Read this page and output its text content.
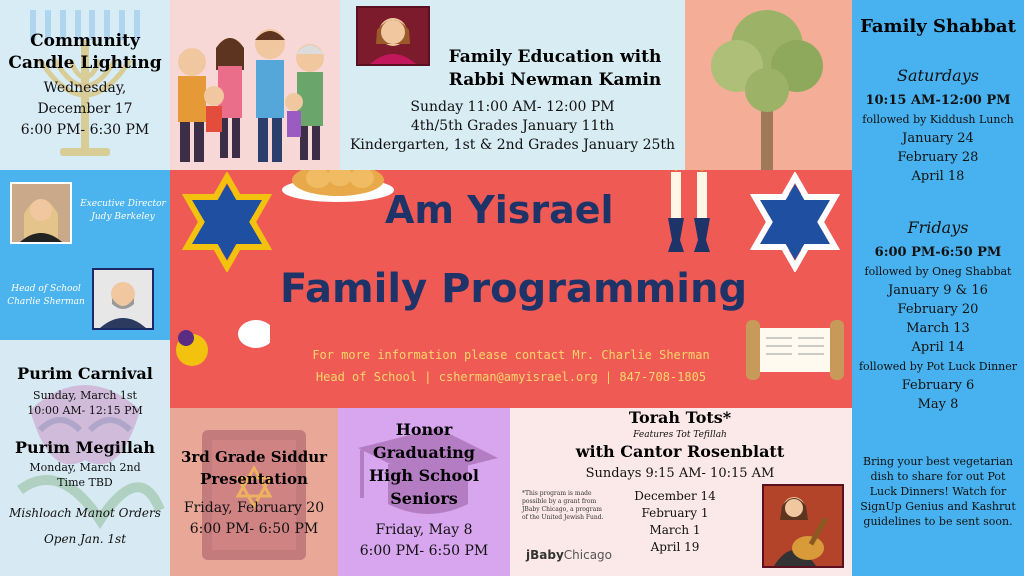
Community
Candle Lighting
Wednesday,
December 17
6:00 PM- 6:30 PM
Family Education with
Rabbi Newman Kamin
Sunday 11:00 AM- 12:00 PM
4th/5th Grades January 11th
Kindergarten, 1st & 2nd Grades January 25th
Family Shabbat
Saturdays
10:15 AM-12:00 PM
followed by Kiddush Lunch
January 24
February 28
April 18
Fridays
6:00 PM-6:50 PM
followed by Oneg Shabbat
January 9 & 16
February 20
March 13
April 14
followed by Pot Luck Dinner
February 6
May 8
Bring your best vegetarian dish to share for out Pot Luck Dinners! Watch for SignUp Genius and Kashrut guidelines to be sent soon.
Executive Director
Judy Berkeley
Head of School
Charlie Sherman
Am Yisrael
Family Programming
For more information please contact Mr. Charlie Sherman
Head of School | csherman@amyisrael.org | 847-708-1805
Purim Carnival
Sunday, March 1st
10:00 AM- 12:15 PM
Purim Megillah
Monday, March 2nd
Time TBD
Mishloach Manot Orders
Open Jan. 1st
3rd Grade Siddur
Presentation
Friday, February 20
6:00 PM- 6:50 PM
Honor
Graduating
High School
Seniors
Friday, May 8
6:00 PM- 6:50 PM
Torah Tots*
Features Tot Tefillah
with Cantor Rosenblatt
Sundays 9:15 AM- 10:15 AM
December 14
February 1
March 1
April 19
*This program is made possible by a grant from JBaby Chicago, a program of the United Jewish Fund.
jBabyChicago
